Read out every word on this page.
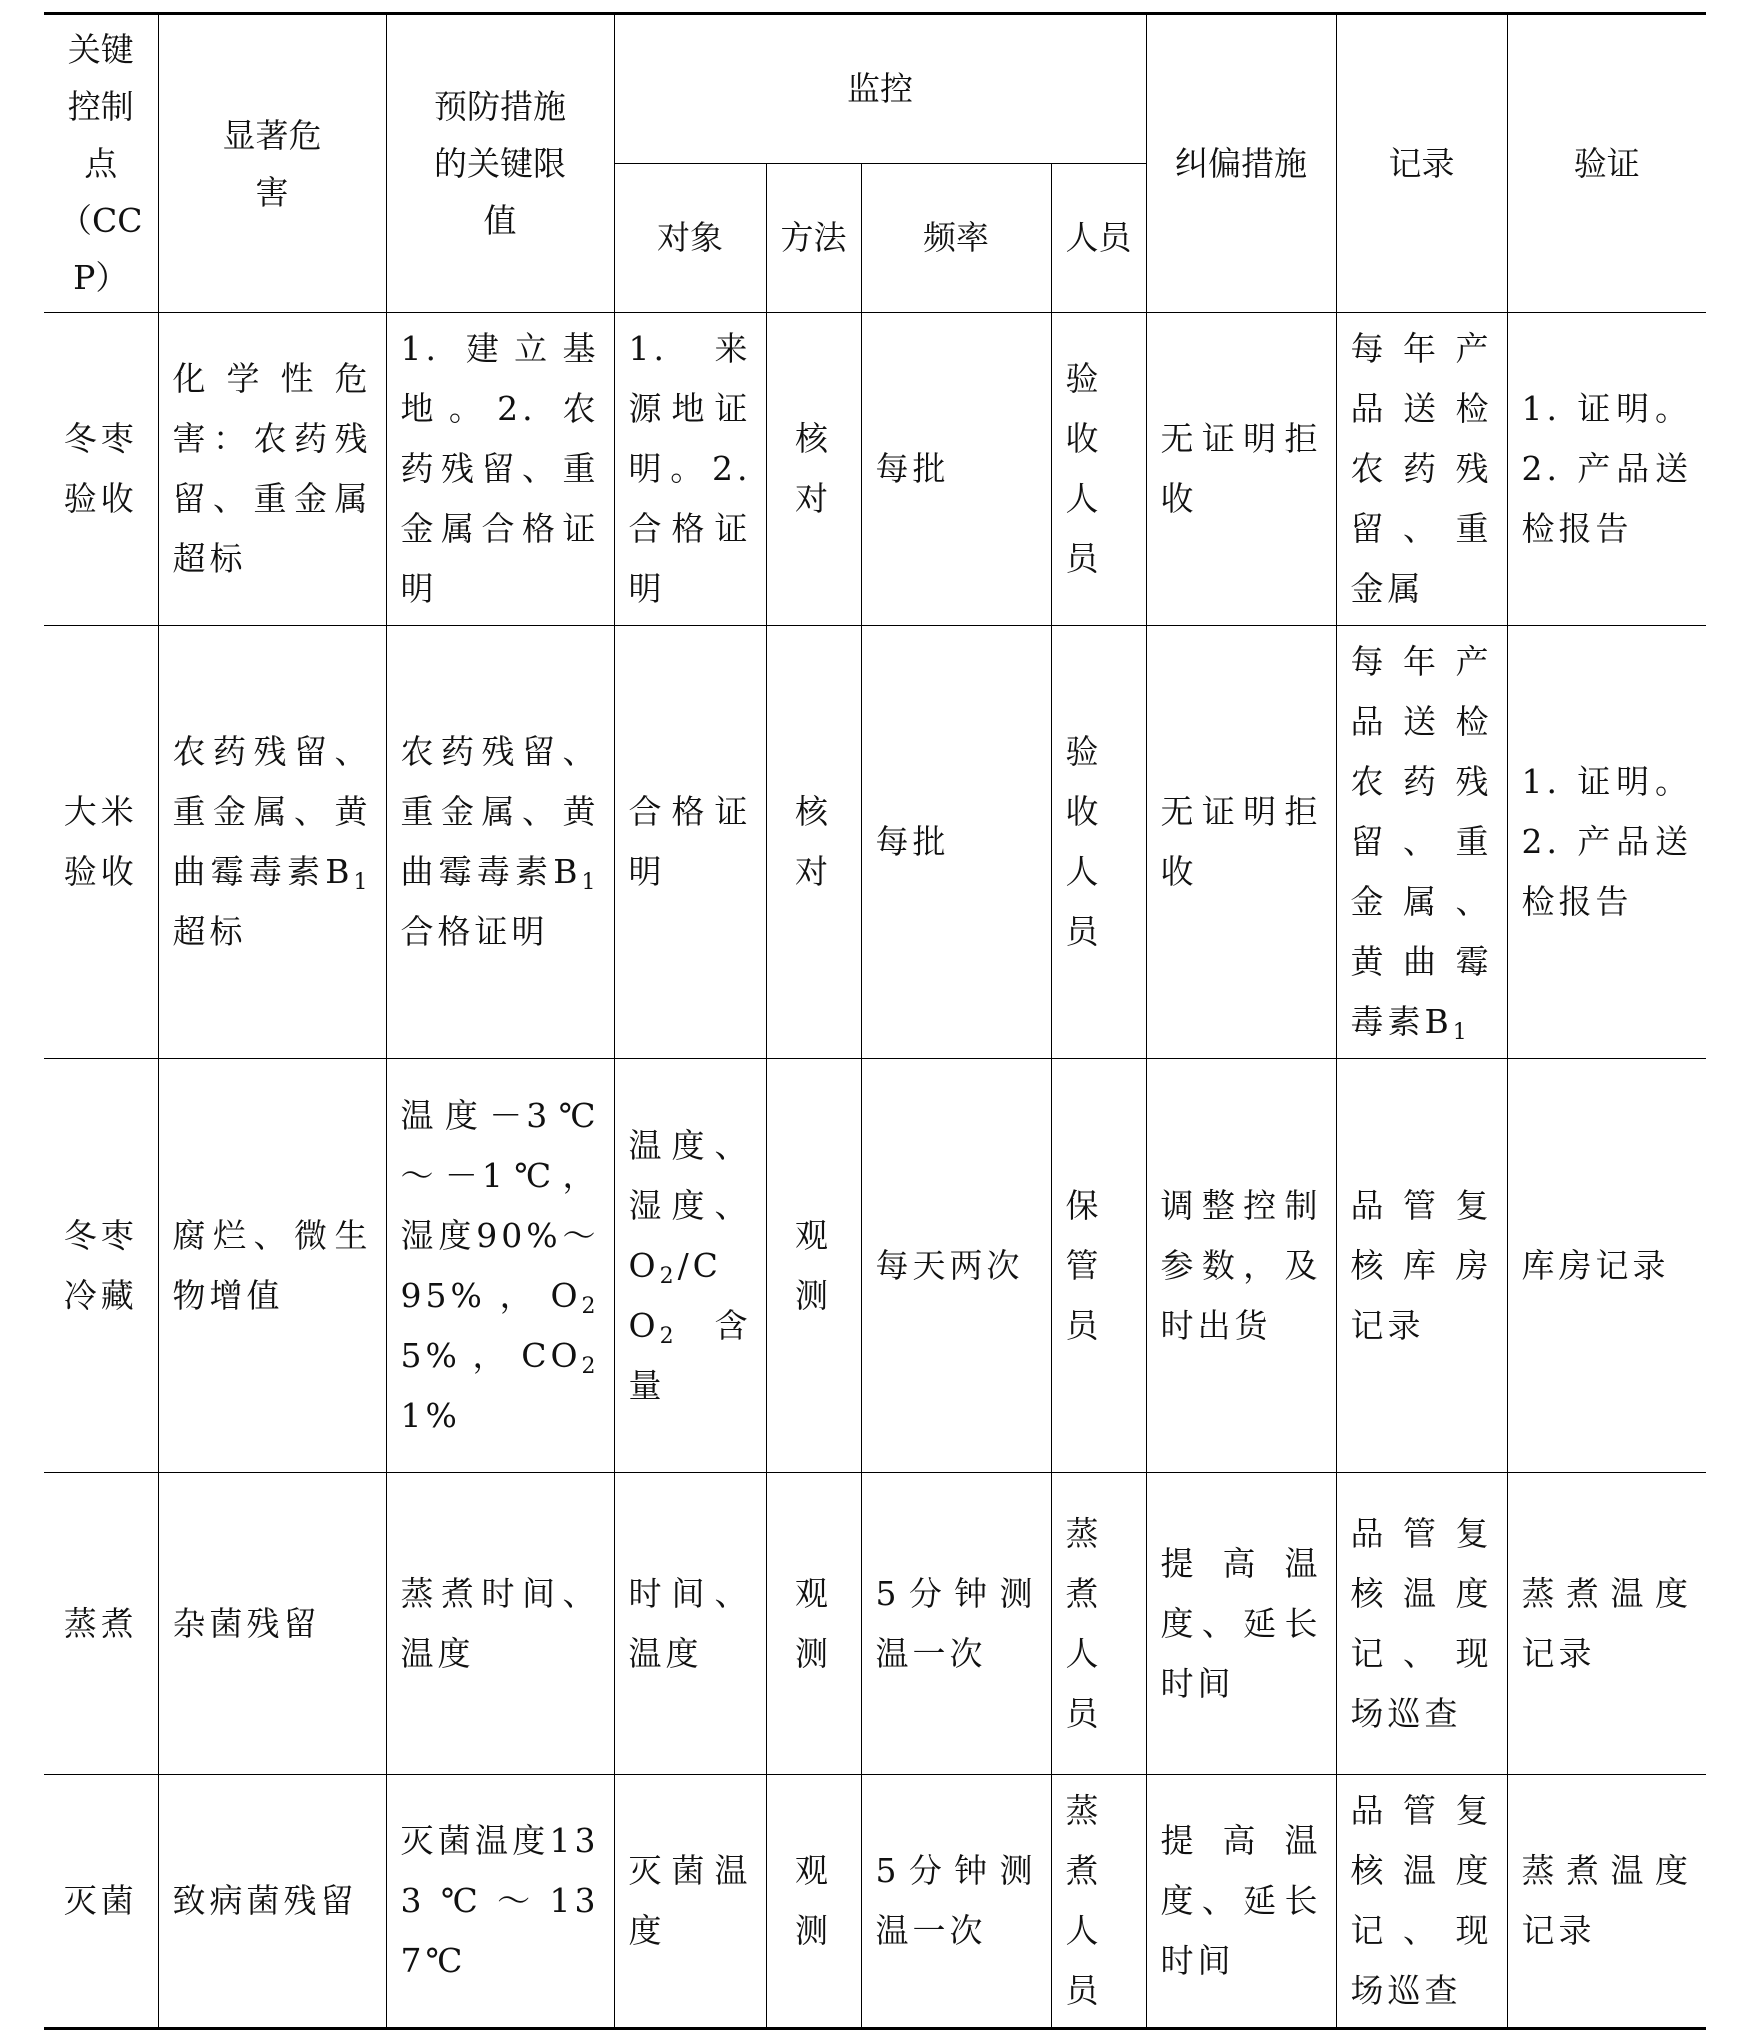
关键控制点（CCP）	显著危害	预防措施的关键限值	监控				纠偏措施	记录	验证
			对象	方法	频率	人员			
冬枣验收	化学性危害：农药残留、重金属超标	1. 建立基地。2. 农药残留、重金属合格证明	1. 来源地证明。2. 合格证明	核对	每批	验收人员	无证明拒收	每年产品送检农药残留、重金属	1. 证明。2. 产品送检报告
大米验收	农药残留、重金属、黄曲霉毒素$B_1$超标	农药残留、重金属、黄曲霉毒素$B_1$合格证明	合格证明	核对	每批	验收人员	无证明拒收	每年产品送检农药残留、重金属、黄曲霉毒素$B_1$	1. 证明。2. 产品送检报告
冬枣冷藏	腐烂、微生物增值	温度－3℃～－1℃，湿度90%～95%，$O_25\%$，$CO_21\%$	温度、湿度、$O_2/CO_2$含量	观测	每天两次	保管员	调整控制参数，及时出货	品管复核库房记录	库房记录
蒸煮	杂菌残留	蒸煮时间、温度	时间、温度	观测	5分钟测温一次	蒸煮人员	提高温度、延长时间	品管复核温度记、现场巡查	蒸煮温度记录
灭菌	致病菌残留	灭菌温度133℃～137℃	灭菌温度	观测	5分钟测温一次	蒸煮人员	提高温度、延长时间	品管复核温度记、现场巡查	蒸煮温度记录
